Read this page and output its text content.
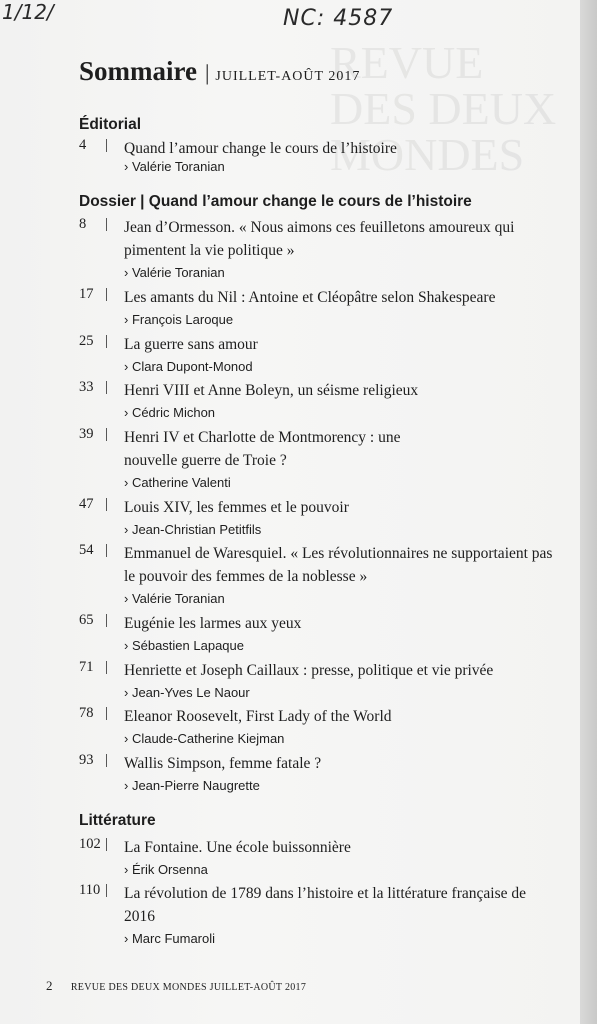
REVUE
DES DEUX
MONDES
1/12/	NC: 4587
Sommaire | JUILLET-AOÛT 2017
Éditorial
4	| Quand l’amour change le cours de l’histoire
› Valérie Toranian
Dossier | Quand l’amour change le cours de l’histoire
8	| Jean d’Ormesson. « Nous aimons ces feuilletons amoureux qui pimentent la vie politique »
› Valérie Toranian
17 | Les amants du Nil : Antoine et Cléopâtre selon Shakespeare
› François Laroque
25 | La guerre sans amour
› Clara Dupont-Monod
33 | Henri VIII et Anne Boleyn, un séisme religieux
› Cédric Michon
39 | Henri IV et Charlotte de Montmorency : une nouvelle guerre de Troie ?
› Catherine Valenti
47 | Louis XIV, les femmes et le pouvoir
› Jean-Christian Petitfils
54 | Emmanuel de Waresquiel. « Les révolutionnaires ne supportaient pas le pouvoir des femmes de la noblesse »
› Valérie Toranian
65 | Eugénie les larmes aux yeux
› Sébastien Lapaque
71 | Henriette et Joseph Caillaux : presse, politique et vie privée
› Jean-Yves Le Naour
78 | Eleanor Roosevelt, First Lady of the World
› Claude-Catherine Kiejman
93 | Wallis Simpson, femme fatale ?
› Jean-Pierre Naugrette
Littérature
102 | La Fontaine. Une école buissonnière
› Érik Orsenna
110 | La révolution de 1789 dans l’histoire et la littérature française de 2016
› Marc Fumaroli
2 REVUE DES DEUX MONDES JUILLET-AOÛT 2017
